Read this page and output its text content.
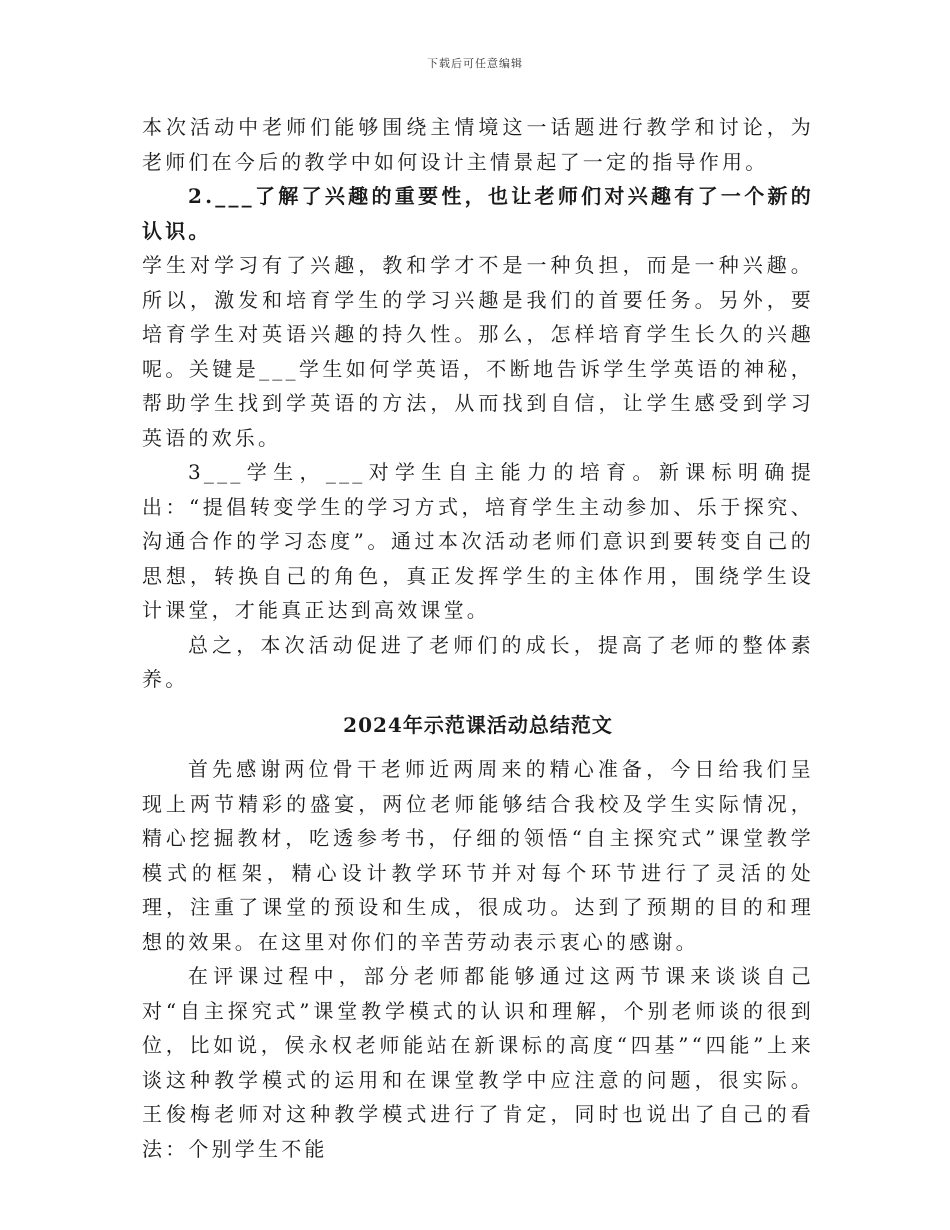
下载后可任意编辑

本次活动中老师们能够围绕主情境这一话题进行教学和讨论，为老师们在今后的教学中如何设计主情景起了一定的指导作用。

2.___了解了兴趣的重要性，也让老师们对兴趣有了一个新的认识。

学生对学习有了兴趣，教和学才不是一种负担，而是一种兴趣。所以，激发和培育学生的学习兴趣是我们的首要任务。另外，要培育学生对英语兴趣的持久性。那么，怎样培育学生长久的兴趣呢。关键是___学生如何学英语，不断地告诉学生学英语的神秘，帮助学生找到学英语的方法，从而找到自信，让学生感受到学习英语的欢乐。

3___学生，___对学生自主能力的培育。新课标明确提出：“提倡转变学生的学习方式，培育学生主动参加、乐于探究、沟通合作的学习态度”。通过本次活动老师们意识到要转变自己的思想，转换自己的角色，真正发挥学生的主体作用，围绕学生设计课堂，才能真正达到高效课堂。

总之，本次活动促进了老师们的成长，提高了老师的整体素养。

2024年示范课活动总结范文

首先感谢两位骨干老师近两周来的精心准备，今日给我们呈现上两节精彩的盛宴，两位老师能够结合我校及学生实际情况，精心挖掘教材，吃透参考书，仔细的领悟“自主探究式”课堂教学模式的框架，精心设计教学环节并对每个环节进行了灵活的处理，注重了课堂的预设和生成，很成功。达到了预期的目的和理想的效果。在这里对你们的辛苦劳动表示衷心的感谢。

在评课过程中，部分老师都能够通过这两节课来谈谈自己对“自主探究式”课堂教学模式的认识和理解，个别老师谈的很到位，比如说，侯永权老师能站在新课标的高度“四基”“四能”上来谈这种教学模式的运用和在课堂教学中应注意的问题，很实际。王俊梅老师对这种教学模式进行了肯定，同时也说出了自己的看法：个别学生不能
